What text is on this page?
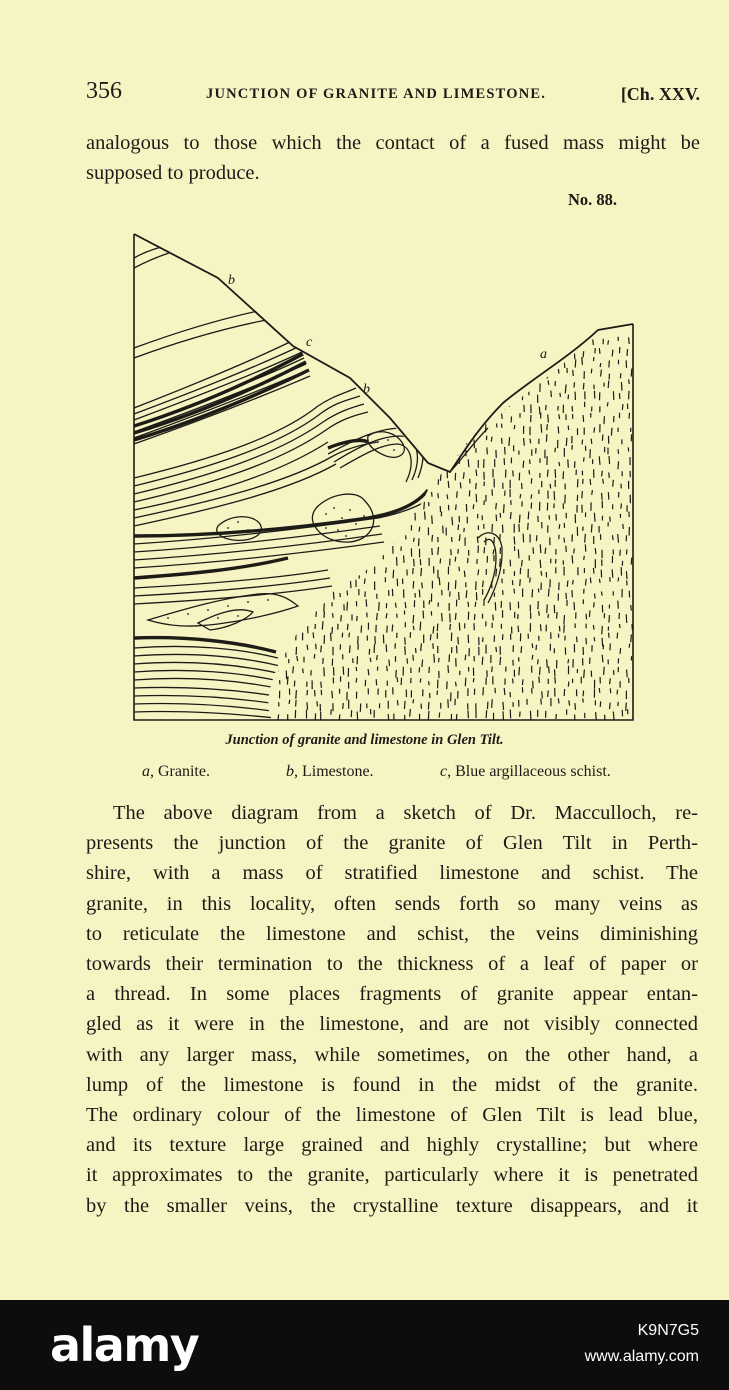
356	JUNCTION OF GRANITE AND LIMESTONE.	[Ch. XXV.
analogous to those which the contact of a fused mass might be
supposed to produce.
No. 88.
b
c
b
a
Junction of granite and limestone in Glen Tilt.
a, Granite.	b, Limestone.	c, Blue argillaceous schist.
The above diagram from a sketch of Dr. Macculloch, re-
presents the junction of the granite of Glen Tilt in Perth-
shire, with a mass of stratified limestone and schist. The
granite, in this locality, often sends forth so many veins as
to reticulate the limestone and schist, the veins diminishing
towards their termination to the thickness of a leaf of paper or
a thread. In some places fragments of granite appear entan-
gled as it were in the limestone, and are not visibly connected
with any larger mass, while sometimes, on the other hand, a
lump of the limestone is found in the midst of the granite.
The ordinary colour of the limestone of Glen Tilt is lead blue,
and its texture large grained and highly crystalline; but where
it approximates to the granite, particularly where it is penetrated
by the smaller veins, the crystalline texture disappears, and it
alamy	K9N7G5
www.alamy.com
